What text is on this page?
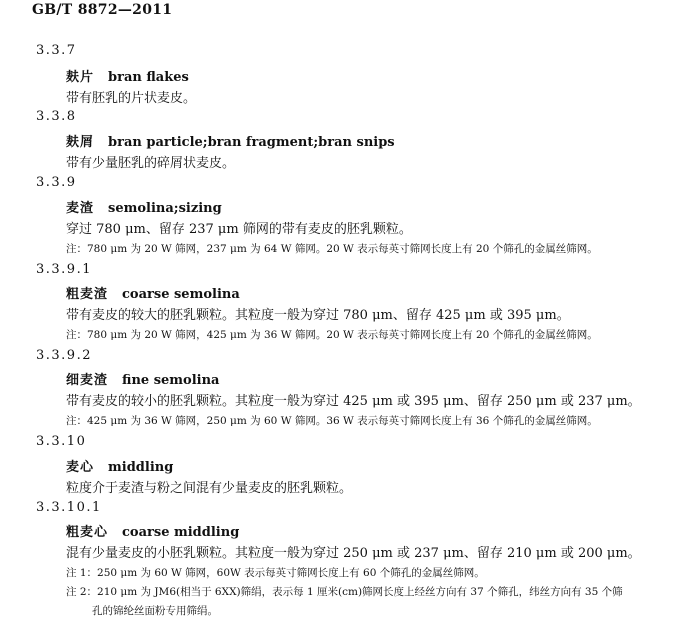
GB/T 8872—2011
3.3.7
麸片 bran flakes
带有胚乳的片状麦皮。
3.3.8
麸屑 bran particle;bran fragment;bran snips
带有少量胚乳的碎屑状麦皮。
3.3.9
麦渣 semolina;sizing
穿过 780 μm、留存 237 μm 筛网的带有麦皮的胚乳颗粒。
注：780 μm 为 20 W 筛网，237 μm 为 64 W 筛网。20 W 表示每英寸筛网长度上有 20 个筛孔的金属丝筛网。
3.3.9.1
粗麦渣 coarse semolina
带有麦皮的较大的胚乳颗粒。其粒度一般为穿过 780 μm、留存 425 μm 或 395 μm。
注：780 μm 为 20 W 筛网，425 μm 为 36 W 筛网。20 W 表示每英寸筛网长度上有 20 个筛孔的金属丝筛网。
3.3.9.2
细麦渣 fine semolina
带有麦皮的较小的胚乳颗粒。其粒度一般为穿过 425 μm 或 395 μm、留存 250 μm 或 237 μm。
注：425 μm 为 36 W 筛网，250 μm 为 60 W 筛网。36 W 表示每英寸筛网长度上有 36 个筛孔的金属丝筛网。
3.3.10
麦心 middling
粒度介于麦渣与粉之间混有少量麦皮的胚乳颗粒。
3.3.10.1
粗麦心 coarse middling
混有少量麦皮的小胚乳颗粒。其粒度一般为穿过 250 μm 或 237 μm、留存 210 μm 或 200 μm。
注 1：250 μm 为 60 W 筛网，60W 表示每英寸筛网长度上有 60 个筛孔的金属丝筛网。
注 2：210 μm 为 JM6(相当于 6XX)筛绢，表示每 1 厘米(cm)筛网长度上经丝方向有 37 个筛孔，纬丝方向有 35 个筛
孔的锦纶丝面粉专用筛绢。
